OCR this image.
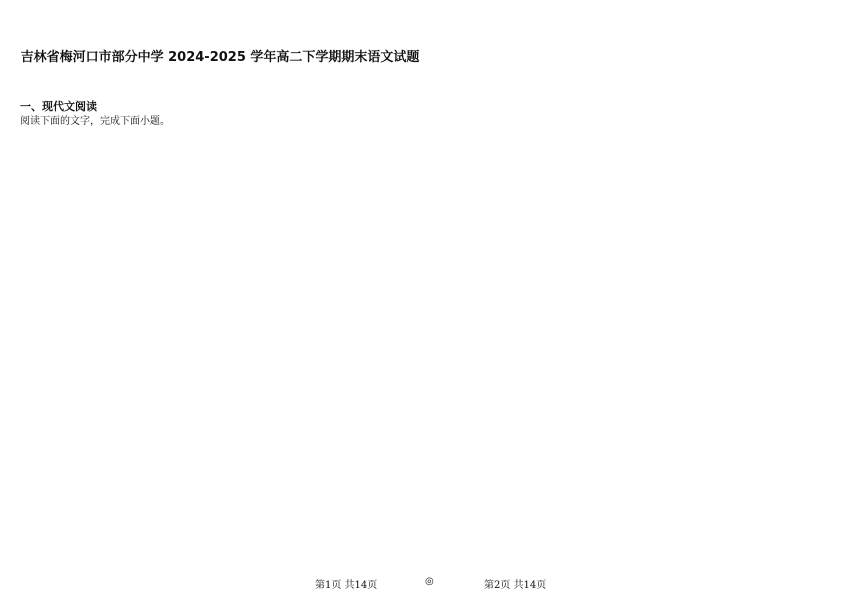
吉林省梅河口市部分中学 2024-2025 学年高二下学期期末语文试题
一、现代文阅读
阅读下面的文字，完成下面小题。
第1页 共14页	◎	第2页 共14页
